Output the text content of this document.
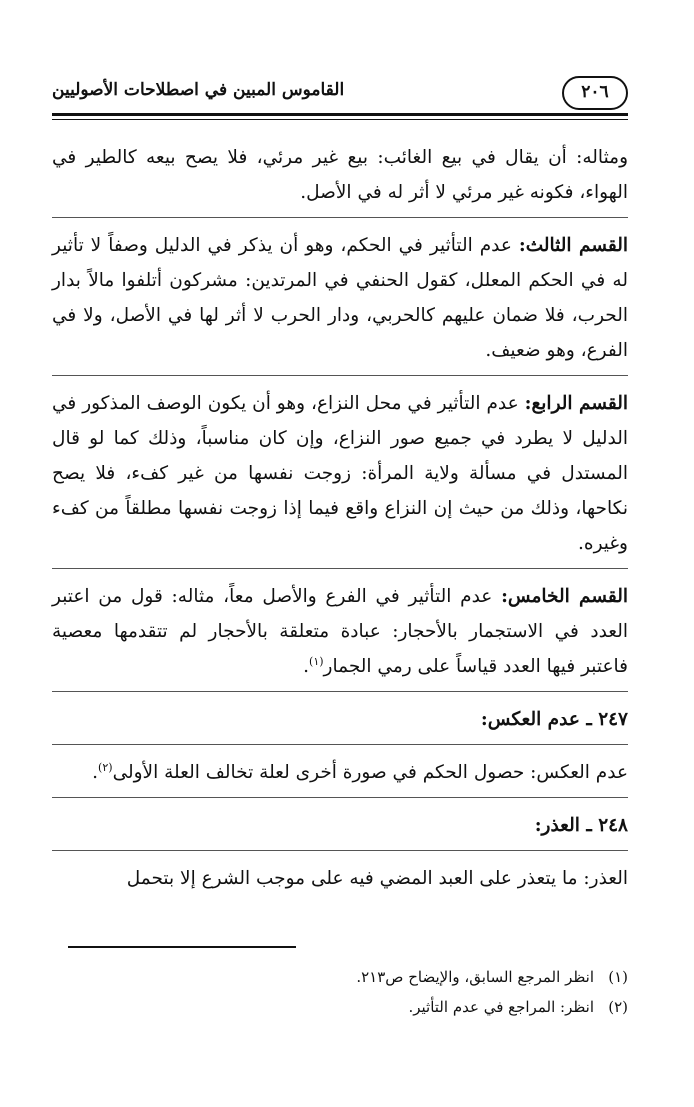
٢٠٦
القاموس المبين في اصطلاحات الأصوليين

ومثاله: أن يقال في بيع الغائب: بيع غير مرئي، فلا يصح بيعه كالطير في الهواء، فكونه غير مرئي لا أثر له في الأصل.

القسم الثالث: عدم التأثير في الحكم، وهو أن يذكر في الدليل وصفاً لا تأثير له في الحكم المعلل، كقول الحنفي في المرتدين: مشركون أتلفوا مالاً بدار الحرب، فلا ضمان عليهم كالحربي، ودار الحرب لا أثر لها في الأصل، ولا في الفرع، وهو ضعيف.

القسم الرابع: عدم التأثير في محل النزاع، وهو أن يكون الوصف المذكور في الدليل لا يطرد في جميع صور النزاع، وإن كان مناسباً، وذلك كما لو قال المستدل في مسألة ولاية المرأة: زوجت نفسها من غير كفء، فلا يصح نكاحها، وذلك من حيث إن النزاع واقع فيما إذا زوجت نفسها مطلقاً من كفء وغيره.

القسم الخامس: عدم التأثير في الفرع والأصل معاً، مثاله: قول من اعتبر العدد في الاستجمار بالأحجار: عبادة متعلقة بالأحجار لم تتقدمها معصية فاعتبر فيها العدد قياساً على رمي الجمار$^{(١)}$.

٢٤٧ ـ عدم العكس:

عدم العكس: حصول الحكم في صورة أخرى لعلة تخالف العلة الأولى$^{(٢)}$.

٢٤٨ ـ العذر:

العذر: ما يتعذر على العبد المضي فيه على موجب الشرع إلا بتحمل

(١)انظر المرجع السابق، والإيضاح ص٢١٣.
(٢)انظر: المراجع في عدم التأثير.
